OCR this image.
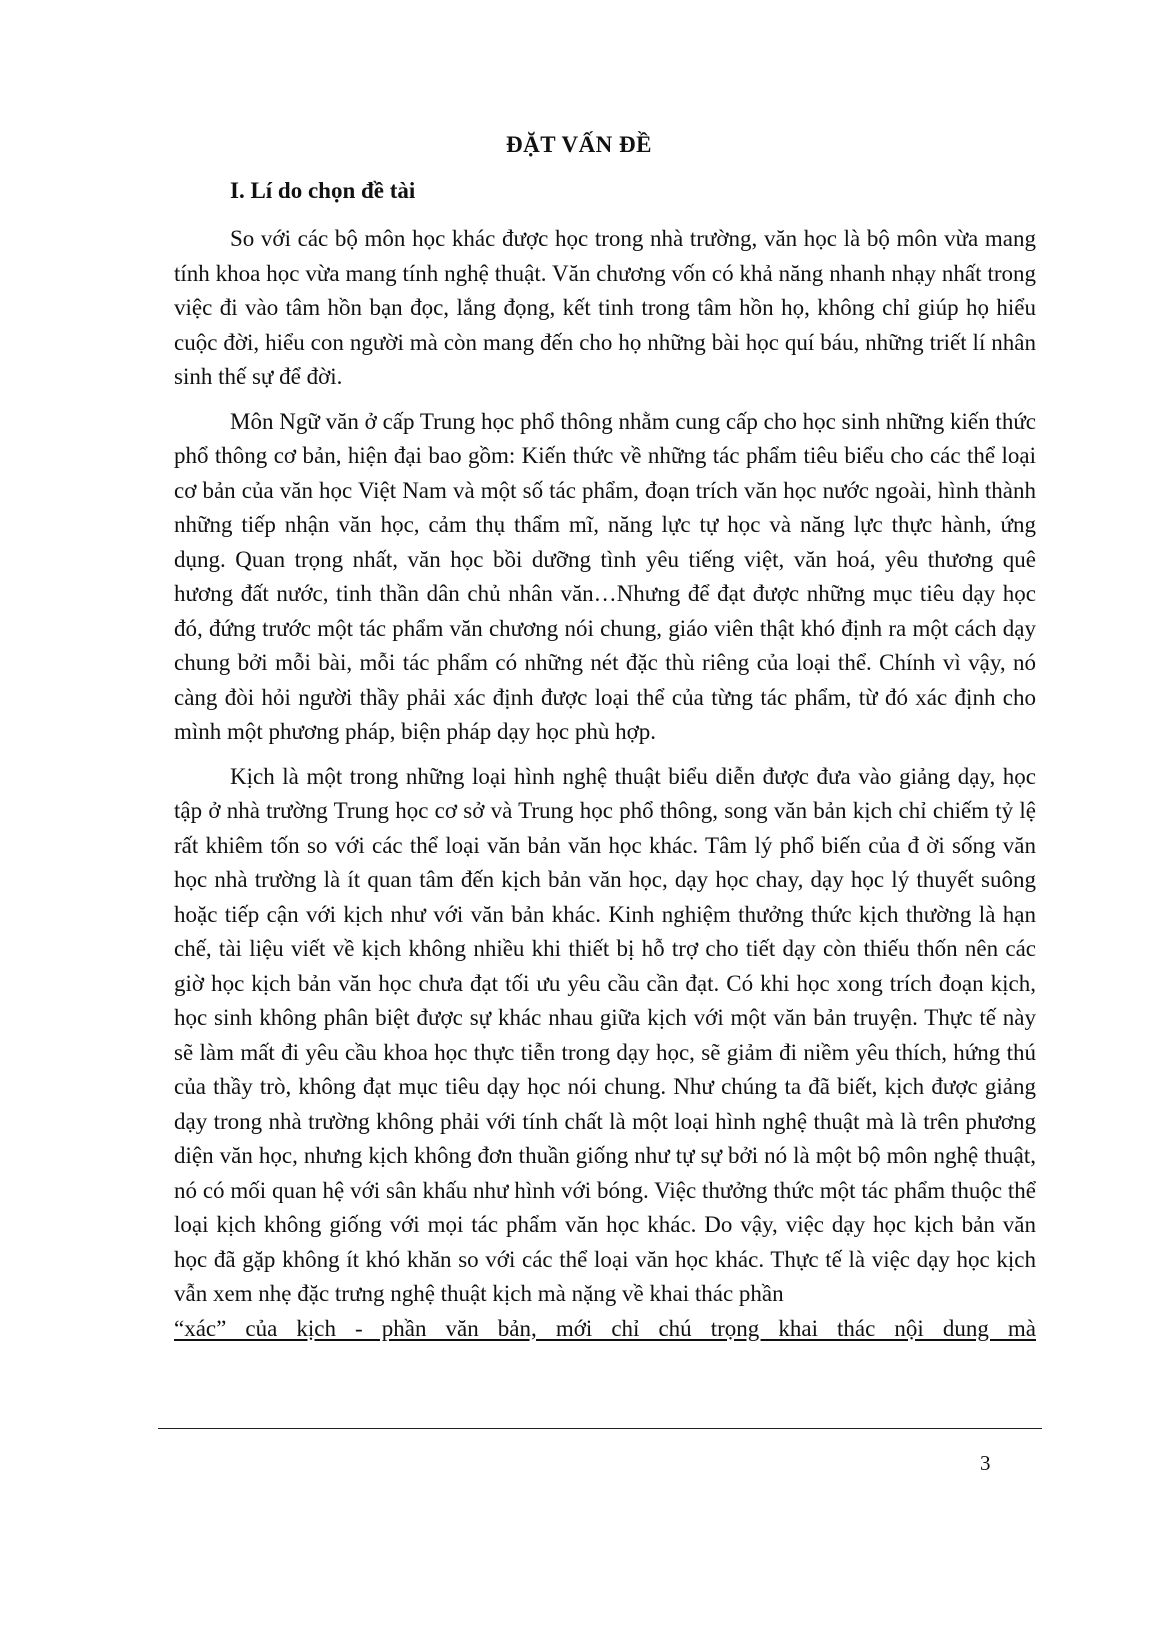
ĐẶT VẤN ĐỀ
I. Lí do chọn đề tài

So với các bộ môn học khác được học trong nhà trường, văn học là bộ môn vừa mang tính khoa học vừa mang tính nghệ thuật. Văn chương vốn có khả năng nhanh nhạy nhất trong việc đi vào tâm hồn bạn đọc, lắng đọng, kết tinh trong tâm hồn họ, không chỉ giúp họ hiểu cuộc đời, hiểu con người mà còn mang đến cho họ những bài học quí báu, những triết lí nhân sinh thế sự để đời.

Môn Ngữ văn ở cấp Trung học phổ thông nhằm cung cấp cho học sinh những kiến thức phổ thông cơ bản, hiện đại bao gồm: Kiến thức về những tác phẩm tiêu biểu cho các thể loại cơ bản của văn học Việt Nam và một số tác phẩm, đoạn trích văn học nước ngoài, hình thành những tiếp nhận văn học, cảm thụ thẩm mĩ, năng lực tự học và năng lực thực hành, ứng dụng. Quan trọng nhất, văn học bồi dưỡng tình yêu tiếng việt, văn hoá, yêu thương quê hương đất nước, tinh thần dân chủ nhân văn…Nhưng để đạt được những mục tiêu dạy học đó, đứng trước một tác phẩm văn chương nói chung, giáo viên thật khó định ra một cách dạy chung bởi mỗi bài, mỗi tác phẩm có những nét đặc thù riêng của loại thể. Chính vì vậy, nó càng đòi hỏi người thầy phải xác định được loại thể của từng tác phẩm, từ đó xác định cho mình một phương pháp, biện pháp dạy học phù hợp.

Kịch là một trong những loại hình nghệ thuật biểu diễn được đưa vào giảng dạy, học tập ở nhà trường Trung học cơ sở và Trung học phổ thông, song văn bản kịch chỉ chiếm tỷ lệ rất khiêm tốn so với các thể loại văn bản văn học khác. Tâm lý phổ biến của đ ời sống văn học nhà trường là ít quan tâm đến kịch bản văn học, dạy học chay, dạy học lý thuyết suông hoặc tiếp cận với kịch như với văn bản khác. Kinh nghiệm thưởng thức kịch thường là hạn chế, tài liệu viết về kịch không nhiều khi thiết bị hỗ trợ cho tiết dạy còn thiếu thốn nên các giờ học kịch bản văn học chưa đạt tối ưu yêu cầu cần đạt. Có khi học xong trích đoạn kịch, học sinh không phân biệt được sự khác nhau giữa kịch với một văn bản truyện. Thực tế này sẽ làm mất đi yêu cầu khoa học thực tiễn trong dạy học, sẽ giảm đi niềm yêu thích, hứng thú của thầy trò, không đạt mục tiêu dạy học nói chung. Như chúng ta đã biết, kịch được giảng dạy trong nhà trường không phải với tính chất là một loại hình nghệ thuật mà là trên phương diện văn học, nhưng kịch không đơn thuần giống như tự sự bởi nó là một bộ môn nghệ thuật, nó có mối quan hệ với sân khấu như hình với bóng. Việc thưởng thức một tác phẩm thuộc thể loại kịch không giống với mọi tác phẩm văn học khác. Do vậy, việc dạy học kịch bản văn học đã gặp không ít khó khăn so với các thể loại văn học khác. Thực tế là việc dạy học kịch vẫn xem nhẹ đặc trưng nghệ thuật kịch mà nặng về khai thác phần

“xác” của kịch - phần văn bản, mới chỉ chú trọng khai thác nội dung mà

3
